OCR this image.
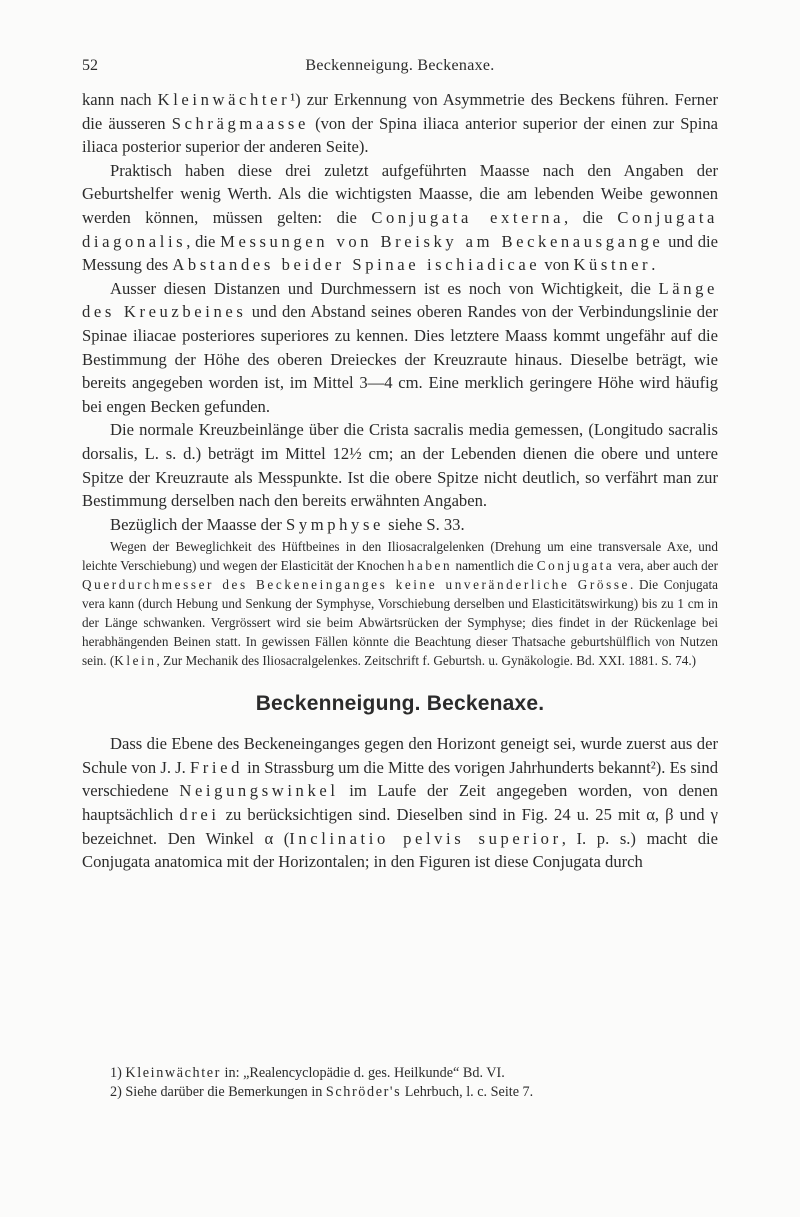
52	Beckenneigung. Beckenaxe.

kann nach Kleinwächter¹) zur Erkennung von Asymmetrie des Beckens führen. Ferner die äusseren Schrägmaasse (von der Spina iliaca anterior superior der einen zur Spina iliaca posterior superior der anderen Seite).

Praktisch haben diese drei zuletzt aufgeführten Maasse nach den Angaben der Geburtshelfer wenig Werth. Als die wichtigsten Maasse, die am lebenden Weibe gewonnen werden können, müssen gelten: die Conjugata externa, die Conjugata diagonalis, die Messungen von Breisky am Beckenausgange und die Messung des Abstandes beider Spinae ischiadicae von Küstner.

Ausser diesen Distanzen und Durchmessern ist es noch von Wichtigkeit, die Länge des Kreuzbeines und den Abstand seines oberen Randes von der Verbindungslinie der Spinae iliacae posteriores superiores zu kennen. Dies letztere Maass kommt ungefähr auf die Bestimmung der Höhe des oberen Dreieckes der Kreuzraute hinaus. Dieselbe beträgt, wie bereits angegeben worden ist, im Mittel 3—4 cm. Eine merklich geringere Höhe wird häufig bei engen Becken gefunden.

Die normale Kreuzbeinlänge über die Crista sacralis media gemessen, (Longitudo sacralis dorsalis, L. s. d.) beträgt im Mittel 12½ cm; an der Lebenden dienen die obere und untere Spitze der Kreuzraute als Messpunkte. Ist die obere Spitze nicht deutlich, so verfährt man zur Bestimmung derselben nach den bereits erwähnten Angaben.

Bezüglich der Maasse der Symphyse siehe S. 33.

Wegen der Beweglichkeit des Hüftbeines in den Iliosacralgelenken (Drehung um eine transversale Axe, und leichte Verschiebung) und wegen der Elasticität der Knochen haben namentlich die Conjugata vera, aber auch der Querdurchmesser des Beckeneinganges keine unveränderliche Grösse. Die Conjugata vera kann (durch Hebung und Senkung der Symphyse, Vorschiebung derselben und Elasticitätswirkung) bis zu 1 cm in der Länge schwanken. Vergrössert wird sie beim Abwärtsrücken der Symphyse; dies findet in der Rückenlage bei herabhängenden Beinen statt. In gewissen Fällen könnte die Beachtung dieser Thatsache geburtshülflich von Nutzen sein. (Klein, Zur Mechanik des Iliosacralgelenkes. Zeitschrift f. Geburtsh. u. Gynäkologie. Bd. XXI. 1881. S. 74.)

Beckenneigung. Beckenaxe.

Dass die Ebene des Beckeneinganges gegen den Horizont geneigt sei, wurde zuerst aus der Schule von J. J. Fried in Strassburg um die Mitte des vorigen Jahrhunderts bekannt²). Es sind verschiedene Neigungswinkel im Laufe der Zeit angegeben worden, von denen hauptsächlich drei zu berücksichtigen sind. Dieselben sind in Fig. 24 u. 25 mit α, β und γ bezeichnet. Den Winkel α (Inclinatio pelvis superior, I. p. s.) macht die Conjugata anatomica mit der Horizontalen; in den Figuren ist diese Conjugata durch

1) Kleinwächter in: „Realencyclopädie d. ges. Heilkunde“ Bd. VI.
2) Siehe darüber die Bemerkungen in Schröder's Lehrbuch, l. c. Seite 7.
